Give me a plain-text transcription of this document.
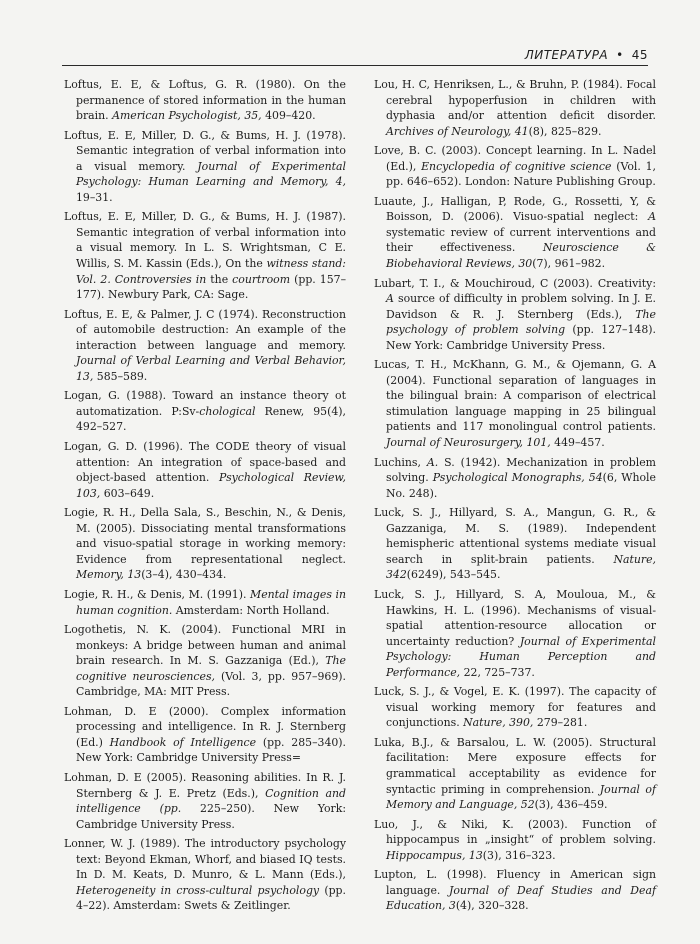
ЛИТЕРАТУРА • 45

Loftus, E. E, & Loftus, G. R. (1980). On the permanence of stored information in the human brain. American Psychologist, 35, 409–420.

Loftus, E. E, Miller, D. G., & Bums, H. J. (1978). Semantic integration of verbal information into a visual memory. Journal of Experimental Psychology: Human Learning and Memory, 4, 19–31.

Loftus, E. E, Miller, D. G., & Bums, H. J. (1987). Semantic integration of verbal information into a visual memory. In L. S. Wrightsman, C E. Willis, S. M. Kassin (Eds.), On the witness stand: Vol. 2. Controversies in the courtroom (pp. 157–177). Newbury Park, CA: Sage.

Loftus, E. E, & Palmer, J. C (1974). Reconstruction of automobile destruction: An example of the interaction between language and memory. Journal of Verbal Learning and Verbal Behavior, 13, 585–589.

Logan, G. (1988). Toward an instance theory ot automatization. P:Sv-chological Renew, 95(4), 492–527.

Logan, G. D. (1996). The CODE theory of visual attention: An integration of space-based and object-based attention. Psychological Review, 103, 603–649.

Logie, R. H., Della Sala, S., Beschin, N., & Denis, M. (2005). Dissociating mental transformations and visuo-spatial storage in working memory: Evidence from representational neglect. Memory, 13(3–4), 430–434.

Logie, R. H., & Denis, M. (1991). Mental images in human cognition. Amsterdam: North Holland.

Logothetis, N. K. (2004). Functional MRI in monkeys: A bridge between human and animal brain research. In M. S. Gazzaniga (Ed.), The cognitive neurosciences, (Vol. 3, pp. 957–969). Cambridge, MA: MIT Press.

Lohman, D. E (2000). Complex information processing and intelligence. In R. J. Sternberg (Ed.) Handbook of Intelligence (pp. 285–340). New York: Cambridge University Press=

Lohman, D. E (2005). Reasoning abilities. In R. J. Sternberg & J. E. Pretz (Eds.), Cognition and intelligence (pp. 225–250). New York: Cambridge University Press.

Lonner, W. J. (1989). The introductory psychology text: Beyond Ekman, Whorf, and biased IQ tests. In D. M. Keats, D. Munro, & L. Mann (Eds.), Heterogeneity in cross-cultural psychology (pp. 4–22). Amsterdam: Swets & Zeitlinger.

Lou, H. C, Henriksen, L., & Bruhn, P. (1984). Focal cerebral hypoperfusion in children with dyphasia and/or attention deficit disorder. Archives of Neurology, 41(8), 825–829.

Love, B. C. (2003). Concept learning. In L. Nadel (Ed.), Encyclopedia of cognitive science (Vol. 1, pp. 646–652). London: Nature Publishing Group.

Luaute, J., Halligan, P, Rode, G., Rossetti, Y, & Boisson, D. (2006). Visuo-spatial neglect: A systematic review of current interventions and their effectiveness. Neuroscience & Biobehavioral Reviews, 30(7), 961–982.

Lubart, T. I., & Mouchiroud, C (2003). Creativity: A source of difficulty in problem solving. In J. E. Davidson & R. J. Sternberg (Eds.), The psychology of problem solving (pp. 127–148). New York: Cambridge University Press.

Lucas, T. H., McKhann, G. M., & Ojemann, G. A (2004). Functional separation of languages in the bilingual brain: A comparison of electrical stimulation language mapping in 25 bilingual patients and 117 monolingual control patients. Journal of Neurosurgery, 101, 449–457.

Luchins, A. S. (1942). Mechanization in problem solving. Psychological Monographs, 54(6, Whole No. 248).

Luck, S. J., Hillyard, S. A., Mangun, G. R., & Gazzaniga, M. S. (1989). Independent hemispheric attentional systems mediate visual search in split-brain patients. Nature, 342(6249), 543–545.

Luck, S. J., Hillyard, S. A, Mouloua, M., & Hawkins, H. L. (1996). Mechanisms of visual-spatial attention-resource allocation or uncertainty reduction? Journal of Experimental Psychology: Human Perception and Performance, 22, 725–737.

Luck, S. J., & Vogel, E. K. (1997). The capacity of visual working memory for features and conjunctions. Nature, 390, 279–281.

Luka, B.J., & Barsalou, L. W. (2005). Structural facilitation: Mere exposure effects for grammatical acceptability as evidence for syntactic priming in comprehension. Journal of Memory and Language, 52(3), 436–459.

Luo, J., & Niki, K. (2003). Function of hippocampus in „insight“ of problem solving. Hippocampus, 13(3), 316–323.

Lupton, L. (1998). Fluency in American sign language. Journal of Deaf Studies and Deaf Education, 3(4), 320–328.
